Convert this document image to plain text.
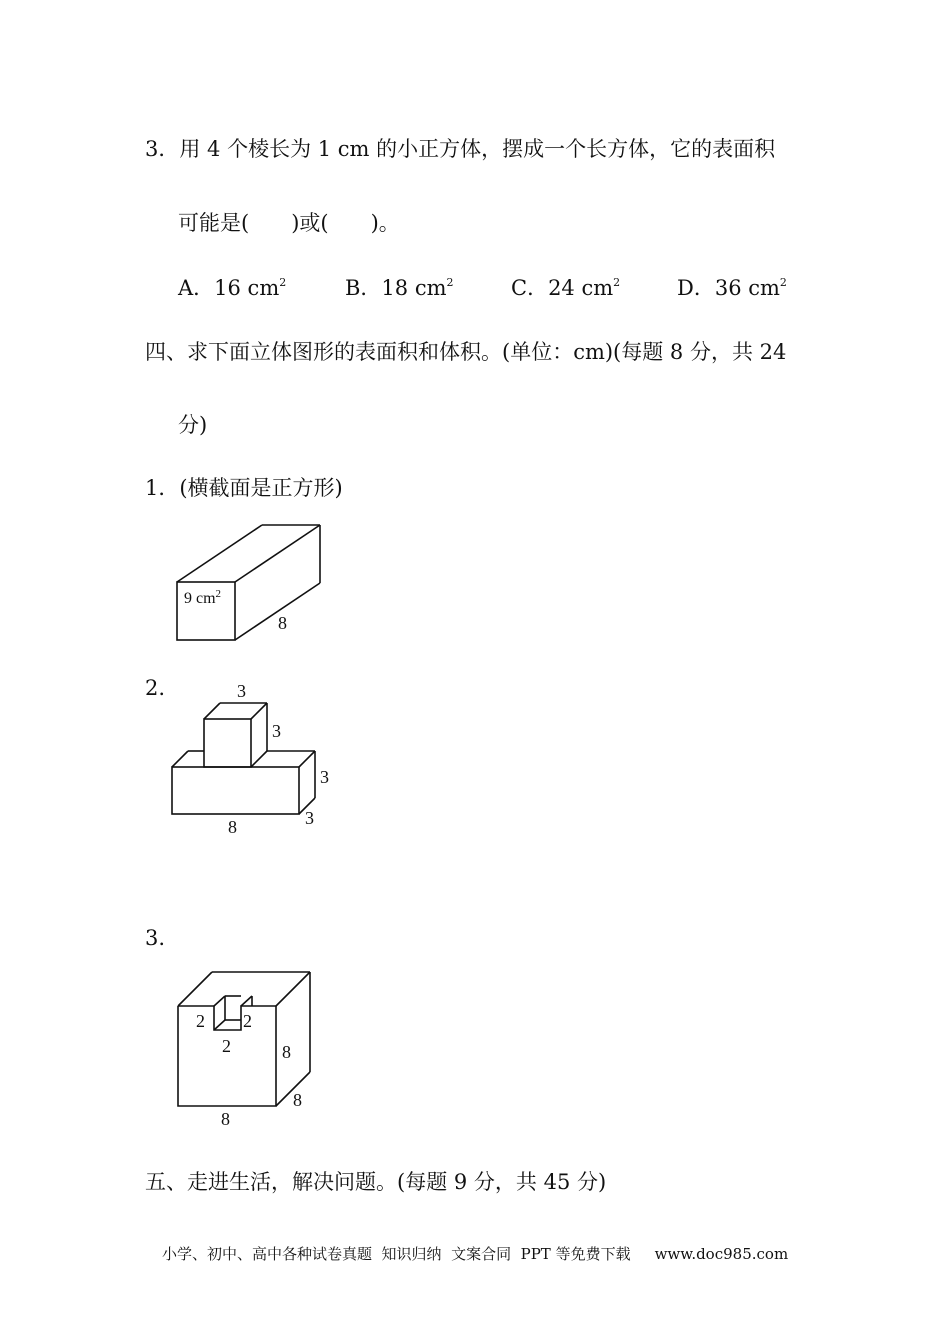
3．用 4 个棱长为 1 cm 的小正方体，摆成一个长方体，它的表面积
可能是(　　)或(　　)。
A．16 $cm^2$	B．18 $cm^2$	C．24 $cm^2$	D．36 $cm^2$
四、求下面立体图形的表面积和体积。(单位：cm)(每题 8 分，共 24
分)
1．(横截面是正方形)
9 $cm^2$
8
2.	3
3
3
3
8
3.
2 2
2	8
8
8
五、走进生活，解决问题。(每题 9 分，共 45 分)
小学、初中、高中各种试卷真题  知识归纳  文案合同  PPT 等免费下载 www.doc985.com
